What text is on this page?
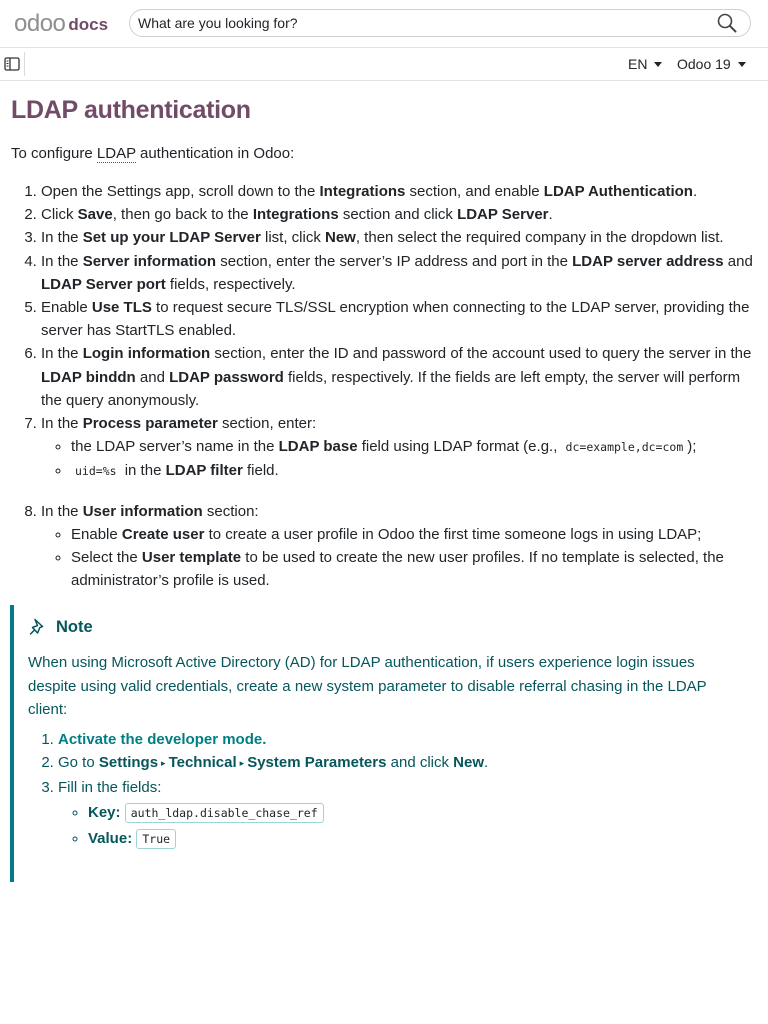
odoo docs
What are you looking for?
EN Odoo 19
LDAP authentication

To configure LDAP authentication in Odoo:

1. Open the Settings app, scroll down to the Integrations section, and enable LDAP Authentication.
2. Click Save, then go back to the Integrations section and click LDAP Server.
3. In the Set up your LDAP Server list, click New, then select the required company in the dropdown list.
4. In the Server information section, enter the server’s IP address and port in the LDAP server address and LDAP Server port fields, respectively.
5. Enable Use TLS to request secure TLS/SSL encryption when connecting to the LDAP server, providing the server has StartTLS enabled.
6. In the Login information section, enter the ID and password of the account used to query the server in the LDAP binddn and LDAP password fields, respectively. If the fields are left empty, the server will perform the query anonymously.
7. In the Process parameter section, enter:
◦ the LDAP server’s name in the LDAP base field using LDAP format (e.g., dc=example,dc=com );
◦ uid=%s in the LDAP filter field.
8. In the User information section:
◦ Enable Create user to create a user profile in Odoo the first time someone logs in using LDAP;
◦ Select the User template to be used to create the new user profiles. If no template is selected, the administrator’s profile is used.
Note

When using Microsoft Active Directory (AD) for LDAP authentication, if users experience login issues despite using valid credentials, create a new system parameter to disable referral chasing in the LDAP client:

1. Activate the developer mode.
2. Go to Settings ▸ Technical ▸ System Parameters and click New.
3. Fill in the fields:
◦ Key: auth_ldap.disable_chase_ref
◦ Value: True
